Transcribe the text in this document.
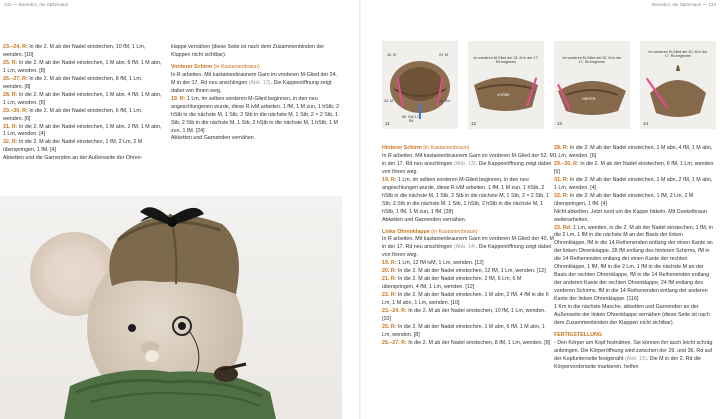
132 — Benedict, die Spitzmaus

23.–24. R: In die 2. M ab der Nadel einstechen, 10 fM, 1 Lm, wenden. [10]

25. R: In die 2. M ab der Nadel einstechen, 1 M abn, 6 fM, 1 M abn, 1 Lm, wenden. [8]

26.–27. R: In die 2. M ab der Nadel einstechen, 8 fM, 1 Lm, wenden. [8]

28. R: In die 2. M ab der Nadel einstechen, 1 M abn, 4 fM, 1 M abn, 1 Lm, wenden. [6]

29.–30. R: In die 2. M ab der Nadel einstechen, 6 fM, 1 Lm, wenden. [6]

31. R: In die 2. M ab der Nadel einstechen, 1 M abn, 2 fM, 1 M abn, 1 Lm, wenden. [4]

32. R: In die 2. M ab der Nadel einstechen, 1 fM, 2 Lm, 2 M überspringen, 1 fM. [4]

Abketten und die Garnenden an der Außenseite der Ohren-

klappe vernähen (diese Seite ist nach dem Zusammenbinden der Klappen nicht sichtbar).

Vorderer Schirm (in Kastanienbraun)

In R arbeiten. Mit kastanienbraunem Garn im vorderen M-Glied der 24. M in der 17. Rd neu anschlingen (Abb. 12). Die Kappenöffnung zeigt dabei von Ihnen weg.

19. R: 1 Lm, im selben vorderen M-Glied beginnen, in den neu angeschlungenen wurde, diese R ivM arbeiten. 1 fM, 1 M zun, 1 hStb, 2 hStb in die nächste M, 1 Stb, 2 Stb in die nächste M, 1 Stb, 2 × 2 Stb, 1 Stb, 2 Stb in die nächste M, 1 Stb, 2 hStb in die nächste M, 1 hStb, 1 M zun, 1 fM. [24]

Abketten und Garnenden vernähen.

Benedict, die Spitzmaus — 133
40. M	23. M
33. M	10. Rd
60. Rd/ 17. Rd
11
Im vorderen M-Glied der 24. M in der 17. Rd beginnen
VORNE
12
Im vorderen M-Glied der 52. M in der 17. Rd beginnen
HINTEN
13
Im vorderen M-Glied der 40. M in der 17. Rd beginnen
14

Hinterer Schirm (in Kastanienbraun)

In R arbeiten. Mit kastanienbraunem Garn im vorderen M-Glied der 52. M in der 17. Rd neu anschlingen (Abb. 13). Die Kappenöffnung zeigt dabei von Ihnen weg.

19. R: 1 Lm, im selben vorderen M-Glied beginnen, in den neu angeschlungen wurde, diese R ivM arbeiten. 1 fM, 1 M zun, 1 hStb, 2 hStb in die nächste M, 1 Stb, 2 Stb in die nächste M, 1 Stb, 2 × 2 Stb, 1 Stb, 2 Stb in die nächste M, 1 Stb, 1 hStb, 2 hStb in die nächste M, 1 hStb, 1 fM, 1 M zun, 1 fM. [28]

Abketten und Garnenden vernähen.

Linke Ohrenklappe (in Kastanienbraun)

In R arbeiten. Mit kastanienbraunem Garn im vorderen M-Glied der 40. M in der 17. Rd neu anschlingen (Abb. 14). Die Kappenöffnung zeigt dabei von Ihnen weg.

19. R: 1 Lm, 12 fM ivM, 1 Lm, wenden. [12]

20. R: In die 2. M ab der Nadel einstechen, 12 fM, 1 Lm, wenden. [12]

21. R: In die 2. M ab der Nadel einstechen, 2 fM, 6 Lm, 6 M überspringen, 4 fM, 1 Lm, wenden. [12]

22. R: In die 2. M ab der Nadel einstechen, 1 M abn, 2 fM, 4 fM in die 6 Lm, 1 M abn, 1 Lm, wenden. [10]

23.–24. R: In die 2. M ab der Nadel einstechen, 10 fM, 1 Lm, wenden. [10]

25. R: In die 2. M ab der Nadel einstechen, 1 M abn, 6 fM, 1 M abn, 1 Lm, wenden. [8]

26.–27. R: In die 2. M ab der Nadel einstechen, 8 fM, 1 Lm, wenden. [8]

28. R: In die 2. M ab der Nadel einstechen, 1 M abn, 4 fM, 1 M abn, 1 Lm, wenden. [6]

29.–30. R: In die 2. M ab der Nadel einstechen, 6 fM, 1 Lm, wenden. [6]

31. R: In die 2. M ab der Nadel einstechen, 1 M abn, 2 fM, 1 M abn, 1 Lm, wenden. [4]

32. R: In die 2. M ab der Nadel einstechen, 1 fM, 2 Lm, 2 M überspringen, 1 fM. [4]

Nicht abketten. Jetzt rund um die Kappe häkeln. Mit Dunkelbraun weiterarbeiten.

33. Rd: 1 Lm, wenden, in die 2. M ab der Nadel einstechen, 1 fM, in die 2 Lm, 1 fM in die nächste M an der Basis der linken Ohrenklappe, fM in die 14 Reihenenden entlang der einen Kante an der linken Ohrenklappe, 28 fM entlang des hinteren Schirms, fM in die 14 Reihenenden entlang der einen Kante der rechten Ohrenklappe, 1 fM, fM in die 2 Lm, 1 fM in die nächste M an der Basis der rechten Ohrenklappe, fM in die 14 Reihenenden entlang der anderen Kante der rechten Ohrenklappe, 24 fM entlang des vorderen Schirms, fM in die 14 Reihenenden entlang der anderen Kante der linken Ohrenklappe. [116]

1 Km in die nächste Masche, abketten und Garnenden an der Außenseite der linken Ohrenklappe vernähen (diese Seite ist nach dem Zusammenbinden der Klappen nicht sichtbar).

FERTIGSTELLUNG

- Den Körper am Kopf festnähen. Sie können ihn auch leicht schräg anbringen. Die Körperöffnung wird zwischen der 29. und 36. Rd auf der Kopfunterseite festgenäht (Abb. 15). Die M in der 2. Rd die Körpervorderseite markieren, helfen
